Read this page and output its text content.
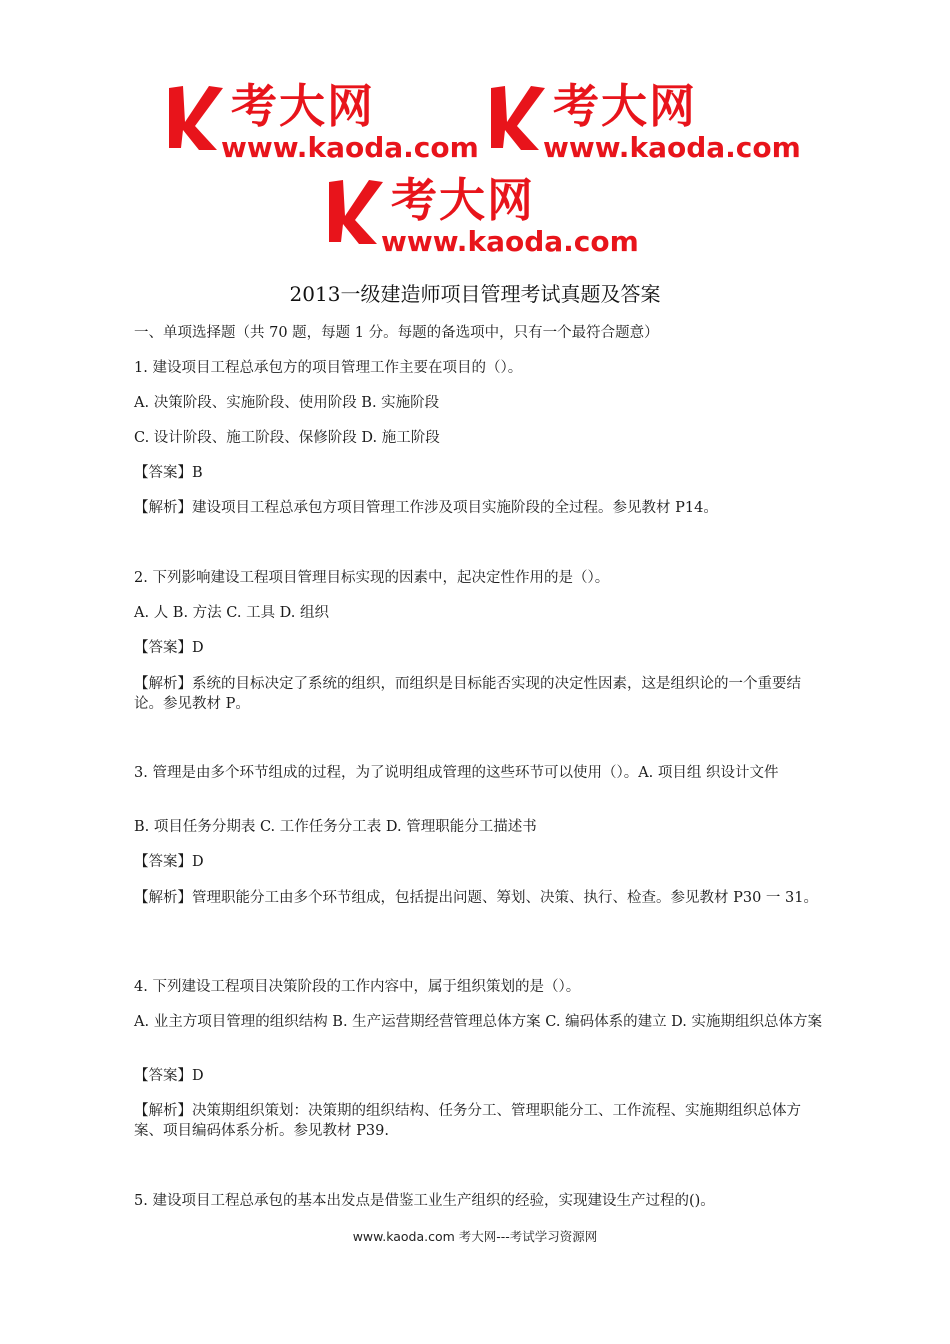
考大网
www.kaoda.com
考大网
www.kaoda.com
考大网
www.kaoda.com
2013一级建造师项目管理考试真题及答案
一、单项选择题（共 70 题，每题 1 分。每题的备选项中，只有一个最符合题意）
1. 建设项目工程总承包方的项目管理工作主要在项目的（）。
A. 决策阶段、实施阶段、使用阶段 B. 实施阶段
C. 设计阶段、施工阶段、保修阶段 D. 施工阶段
【答案】B
【解析】建设项目工程总承包方项目管理工作涉及项目实施阶段的全过程。参见教材 P14。
2. 下列影响建设工程项目管理目标实现的因素中，起决定性作用的是（）。
A. 人 B. 方法 C. 工具 D. 组织
【答案】D
【解析】系统的目标决定了系统的组织，而组织是目标能否实现的决定性因素，这是组织论的一个重要结论。参见教材 P。
3. 管理是由多个环节组成的过程，为了说明组成管理的这些环节可以使用（）。A. 项目组 织设计文件
B. 项目任务分期表 C. 工作任务分工表 D. 管理职能分工描述书
【答案】D
【解析】管理职能分工由多个环节组成，包括提出问题、筹划、决策、执行、检查。参见教材 P30 一 31。
4. 下列建设工程项目决策阶段的工作内容中，属于组织策划的是（）。
A. 业主方项目管理的组织结构 B. 生产运营期经营管理总体方案 C. 编码体系的建立 D. 实施期组织总体方案
【答案】D
【解析】决策期组织策划：决策期的组织结构、任务分工、管理职能分工、工作流程、实施期组织总体方案、项目编码体系分析。参见教材 P39.
5. 建设项目工程总承包的基本出发点是借鉴工业生产组织的经验，实现建设生产过程的()。
www.kaoda.com 考大网---考试学习资源网
